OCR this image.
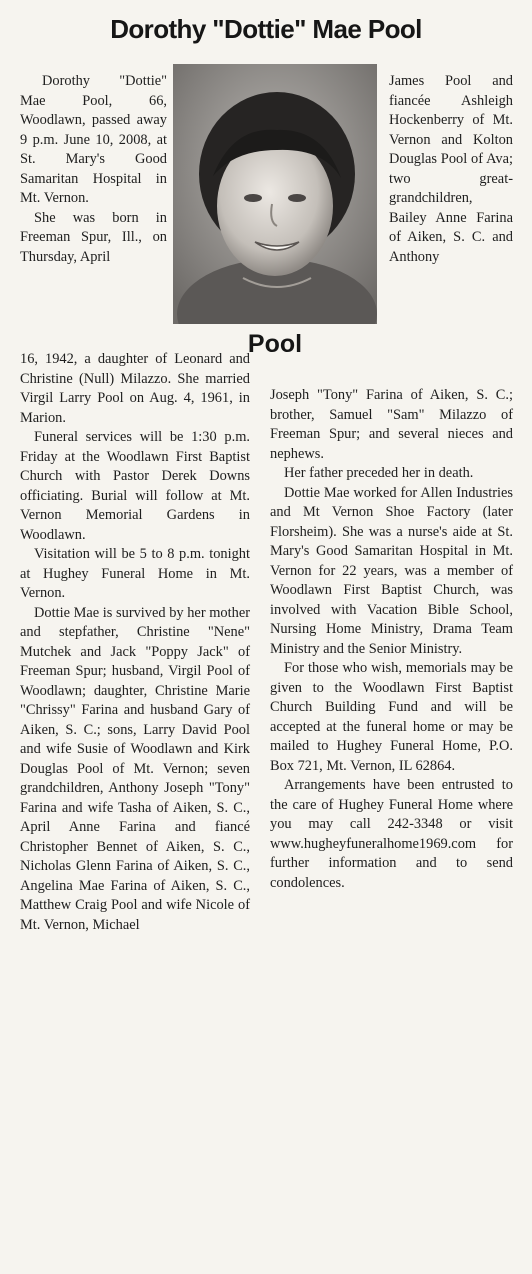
Dorothy "Dottie" Mae Pool

Dorothy "Dottie" Mae Pool, 66, Woodlawn, passed away 9 p.m. June 10, 2008, at St. Mary's Good Samaritan Hospital in Mt. Vernon.

She was born in Freeman Spur, Ill., on Thursday, April

Pool

James Pool and fiancée Ashleigh Hockenberry of Mt. Vernon and Kolton Douglas Pool of Ava; two great-grandchildren, Bailey Anne Farina of Aiken, S. C. and Anthony

16, 1942, a daughter of Leonard and Christine (Null) Milazzo. She married Virgil Larry Pool on Aug. 4, 1961, in Marion.

Funeral services will be 1:30 p.m. Friday at the Woodlawn First Baptist Church with Pastor Derek Downs officiating. Burial will follow at Mt. Vernon Memorial Gardens in Woodlawn.

Visitation will be 5 to 8 p.m. tonight at Hughey Funeral Home in Mt. Vernon.

Dottie Mae is survived by her mother and stepfather, Christine "Nene" Mutchek and Jack "Poppy Jack" of Freeman Spur; husband, Virgil Pool of Woodlawn; daughter, Christine Marie "Chrissy" Farina and husband Gary of Aiken, S. C.; sons, Larry David Pool and wife Susie of Woodlawn and Kirk Douglas Pool of Mt. Vernon; seven grandchildren, Anthony Joseph "Tony" Farina and wife Tasha of Aiken, S. C., April Anne Farina and fiancé Christopher Bennet of Aiken, S. C., Nicholas Glenn Farina of Aiken, S. C., Angelina Mae Farina of Aiken, S. C., Matthew Craig Pool and wife Nicole of Mt. Vernon, Michael

Joseph "Tony" Farina of Aiken, S. C.; brother, Samuel "Sam" Milazzo of Freeman Spur; and several nieces and nephews.

Her father preceded her in death.

Dottie Mae worked for Allen Industries and Mt Vernon Shoe Factory (later Florsheim). She was a nurse's aide at St. Mary's Good Samaritan Hospital in Mt. Vernon for 22 years, was a member of Woodlawn First Baptist Church, was involved with Vacation Bible School, Nursing Home Ministry, Drama Team Ministry and the Senior Ministry.

For those who wish, memorials may be given to the Woodlawn First Baptist Church Building Fund and will be accepted at the funeral home or may be mailed to Hughey Funeral Home, P.O. Box 721, Mt. Vernon, IL 62864.

Arrangements have been entrusted to the care of Hughey Funeral Home where you may call 242-3348 or visit www.hugheyfuneralhome1969.com for further information and to send condolences.
